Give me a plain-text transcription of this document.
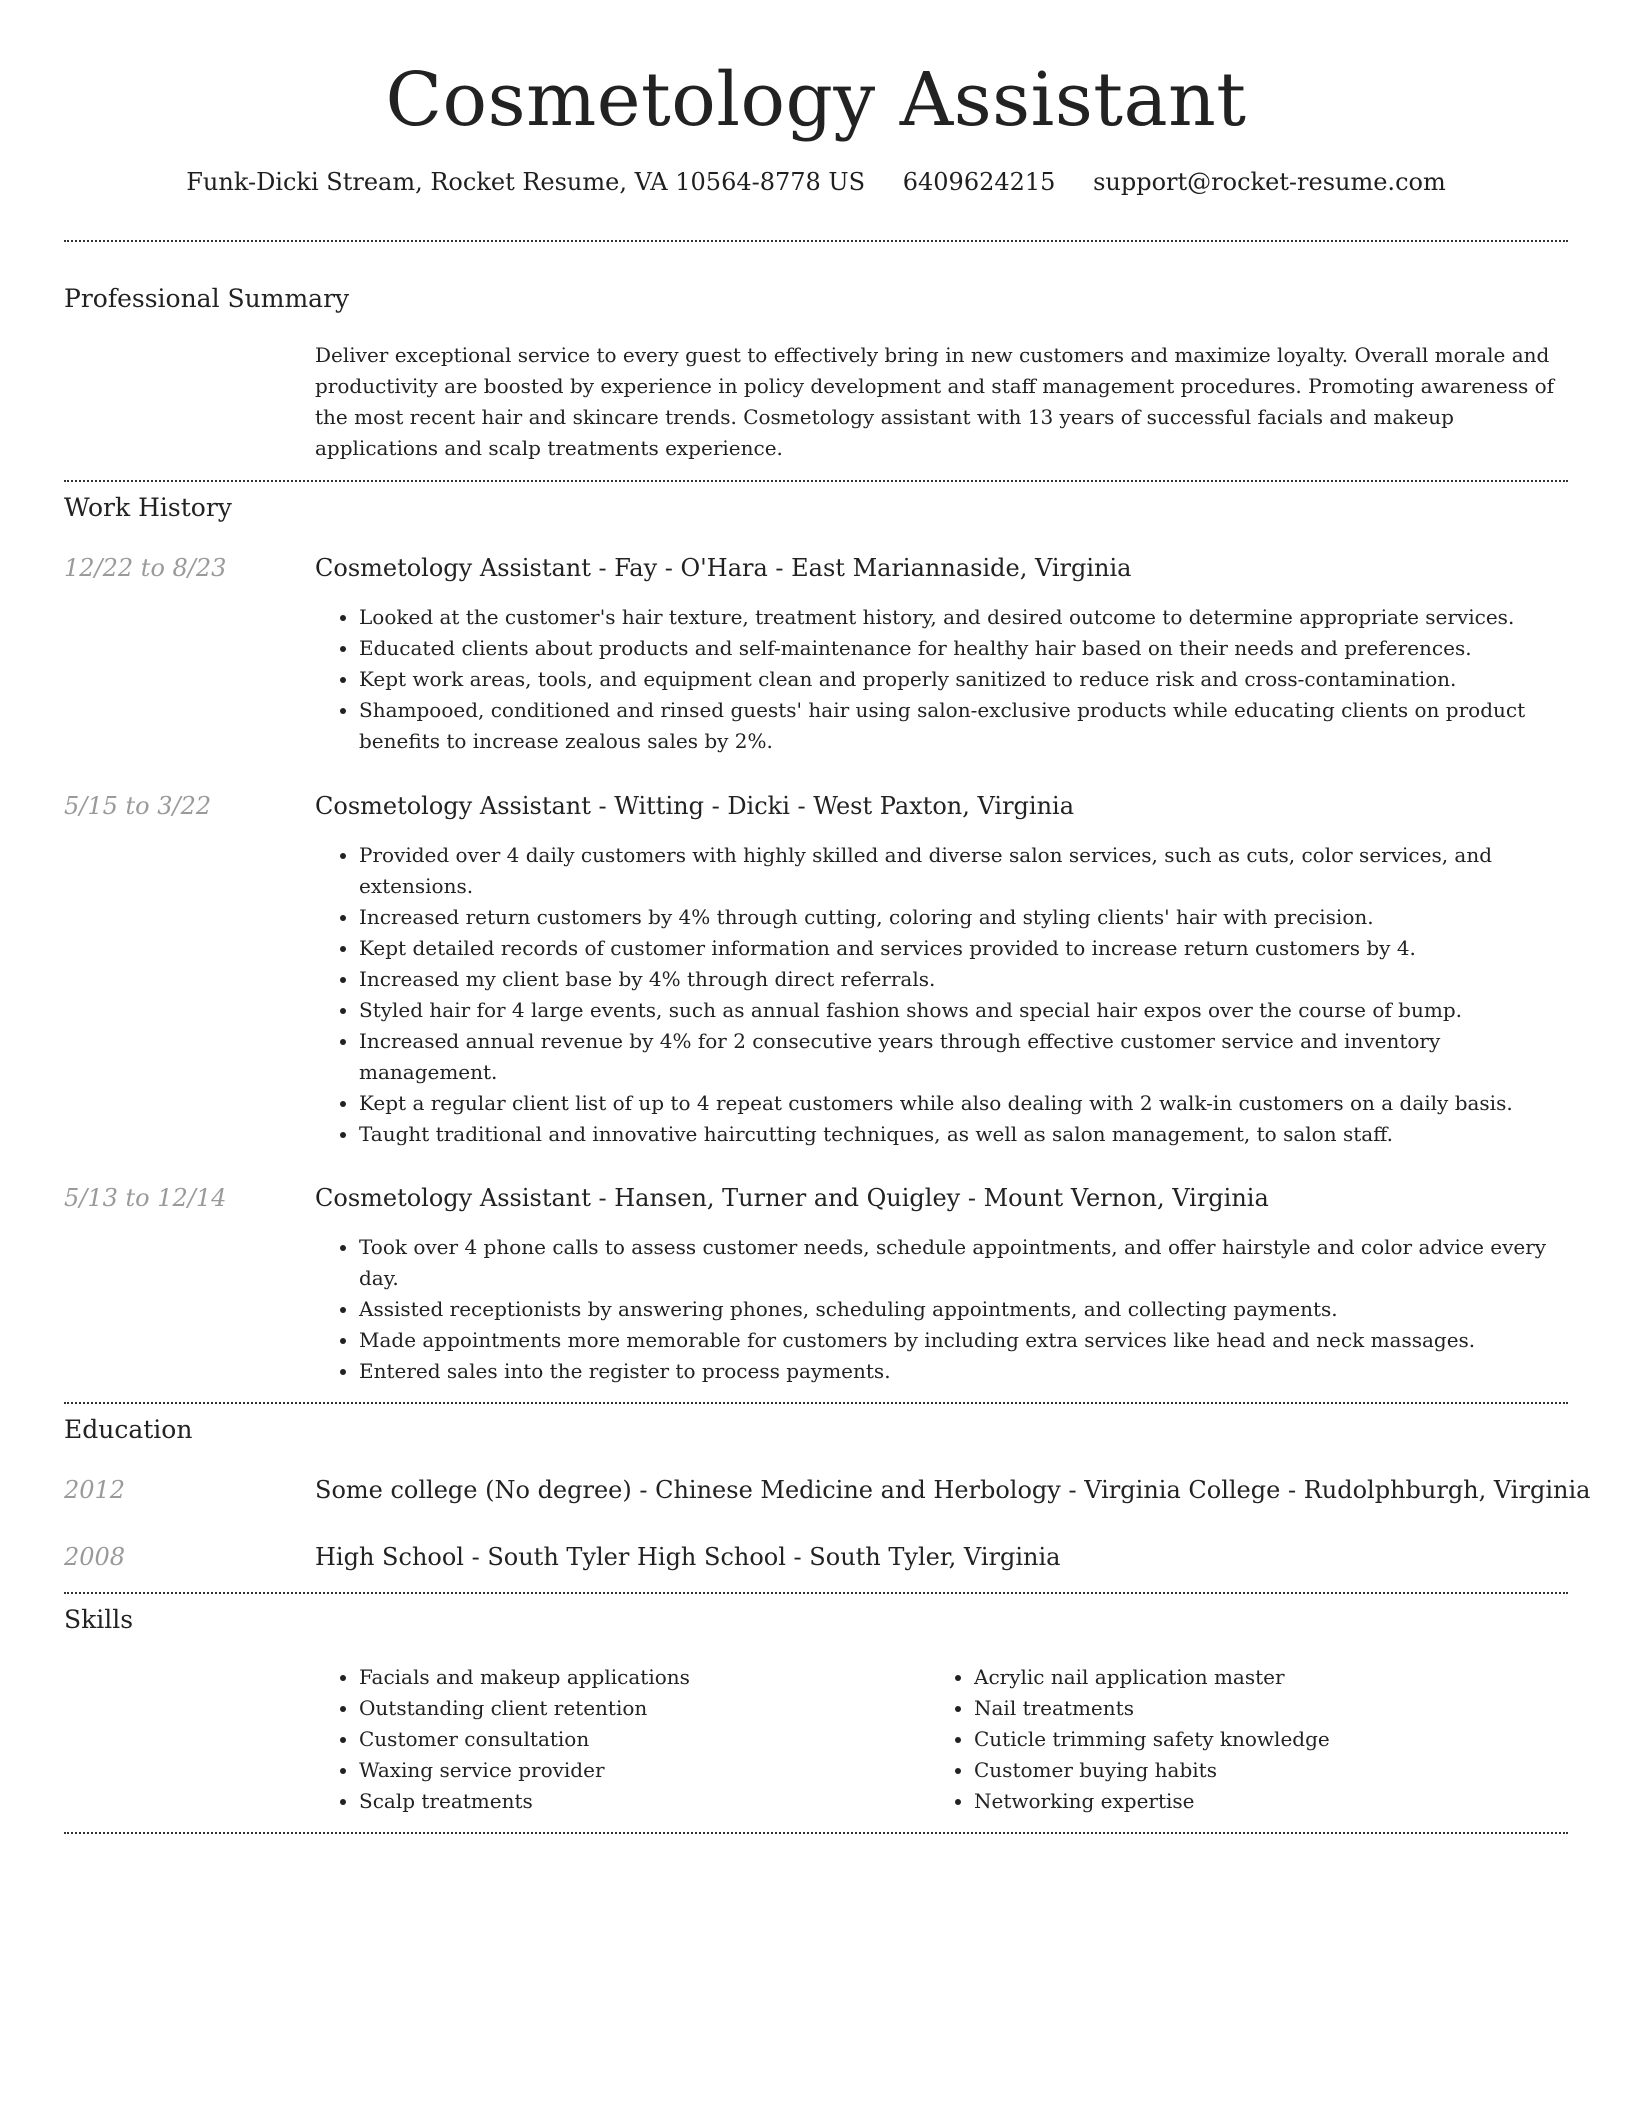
Cosmetology Assistant
Funk-Dicki Stream, Rocket Resume, VA 10564-8778 US 6409624215 support@rocket-resume.com
Professional Summary
Deliver exceptional service to every guest to effectively bring in new customers and maximize loyalty. Overall morale and productivity are boosted by experience in policy development and staff management procedures. Promoting awareness of the most recent hair and skincare trends. Cosmetology assistant with 13 years of successful facials and makeup applications and scalp treatments experience.
Work History
12/22 to 8/23	Cosmetology Assistant - Fay - O'Hara - East Mariannaside, Virginia
• Looked at the customer's hair texture, treatment history, and desired outcome to determine appropriate services.
• Educated clients about products and self-maintenance for healthy hair based on their needs and preferences.
• Kept work areas, tools, and equipment clean and properly sanitized to reduce risk and cross-contamination.
• Shampooed, conditioned and rinsed guests' hair using salon-exclusive products while educating clients on product benefits to increase zealous sales by 2%.
5/15 to 3/22	Cosmetology Assistant - Witting - Dicki - West Paxton, Virginia
• Provided over 4 daily customers with highly skilled and diverse salon services, such as cuts, color services, and extensions.
• Increased return customers by 4% through cutting, coloring and styling clients' hair with precision.
• Kept detailed records of customer information and services provided to increase return customers by 4.
• Increased my client base by 4% through direct referrals.
• Styled hair for 4 large events, such as annual fashion shows and special hair expos over the course of bump.
• Increased annual revenue by 4% for 2 consecutive years through effective customer service and inventory management.
• Kept a regular client list of up to 4 repeat customers while also dealing with 2 walk-in customers on a daily basis.
• Taught traditional and innovative haircutting techniques, as well as salon management, to salon staff.
5/13 to 12/14	Cosmetology Assistant - Hansen, Turner and Quigley - Mount Vernon, Virginia
• Took over 4 phone calls to assess customer needs, schedule appointments, and offer hairstyle and color advice every day.
• Assisted receptionists by answering phones, scheduling appointments, and collecting payments.
• Made appointments more memorable for customers by including extra services like head and neck massages.
• Entered sales into the register to process payments.
Education
2012	Some college (No degree) - Chinese Medicine and Herbology - Virginia College - Rudolphburgh, Virginia
2008	High School - South Tyler High School - South Tyler, Virginia
Skills
• Facials and makeup applications
• Outstanding client retention
• Customer consultation
• Waxing service provider
• Scalp treatments
• Acrylic nail application master
• Nail treatments
• Cuticle trimming safety knowledge
• Customer buying habits
• Networking expertise
